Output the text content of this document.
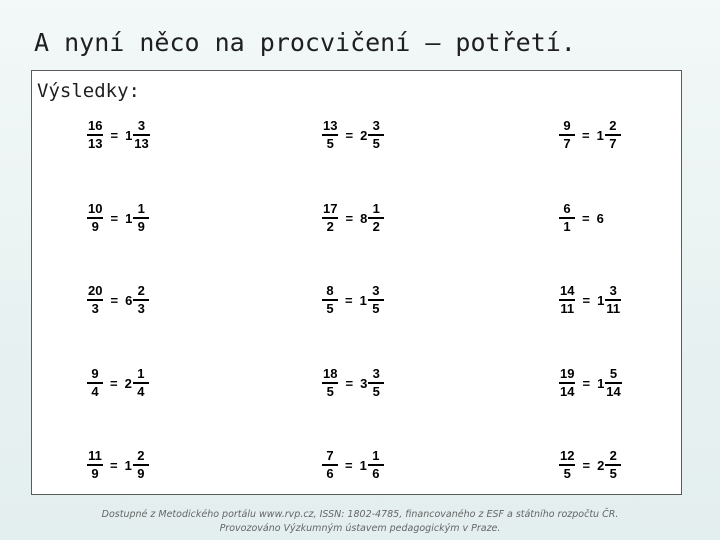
A nyní něco na procvičení – potřetí.
Výsledky:
$\frac{16}{13} = 1 \frac{3}{13}$	$\frac{13}{5} = 2 \frac{3}{5}$	$\frac{9}{7} = 1 \frac{2}{7}$
$\frac{10}{9} = 1 \frac{1}{9}$	$\frac{17}{2} = 8 \frac{1}{2}$	$\frac{6}{1} = 6$
$\frac{20}{3} = 6 \frac{2}{3}$	$\frac{8}{5} = 1 \frac{3}{5}$	$\frac{14}{11} = 1 \frac{3}{11}$
$\frac{9}{4} = 2 \frac{1}{4}$	$\frac{18}{5} = 3 \frac{3}{5}$	$\frac{19}{14} = 1 \frac{5}{14}$
$\frac{11}{9} = 1 \frac{2}{9}$	$\frac{7}{6} = 1 \frac{1}{6}$	$\frac{12}{5} = 2 \frac{2}{5}$
Dostupné z Metodického portálu www.rvp.cz, ISSN: 1802-4785, financovaného z ESF a státního rozpočtu ČR.
Provozováno Výzkumným ústavem pedagogickým v Praze.
